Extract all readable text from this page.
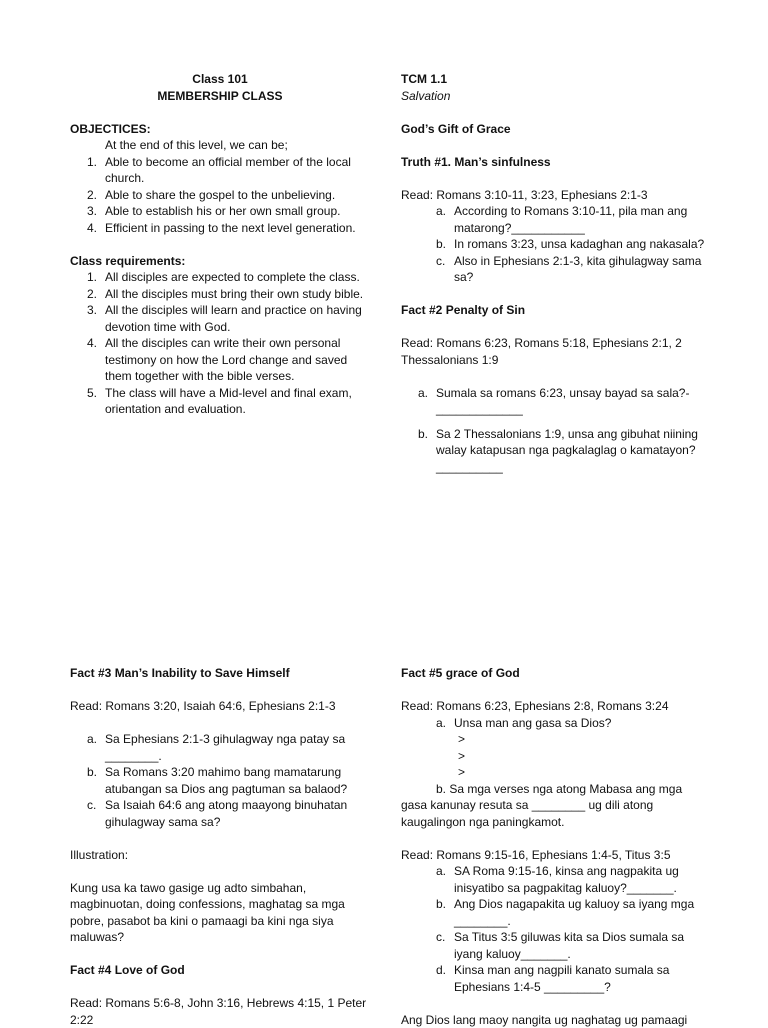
Class 101

MEMBERSHIP CLASS

OBJECTICES:

At the end of this level, we can be;

1. Able to become an official member of the local church.
2. Able to share the gospel to the unbelieving.
3. Able to establish his or her own small group.
4. Efficient in passing to the next level generation.

Class requirements:

1. All disciples are expected to complete the class.
2. All the disciples must bring their own study bible.
3. All the disciples will learn and practice on having devotion time with God.
4. All the disciples can write their own personal testimony on how the Lord change and saved them together with the bible verses.
5. The class will have a Mid-level and final exam, orientation and evaluation.

TCM 1.1

Salvation

God’s Gift of Grace

Truth #1. Man’s sinfulness

Read: Romans 3:10-11, 3:23, Ephesians 2:1-3

a. According to Romans 3:10-11, pila man ang matarong?___________
b. In romans 3:23, unsa kadaghan ang nakasala?
c. Also in Ephesians 2:1-3, kita gihulagway sama sa?

Fact #2 Penalty of Sin

Read: Romans 6:23, Romans 5:18, Ephesians 2:1, 2 Thessalonians 1:9

a. Sumala sa romans 6:23, unsay bayad sa sala?- _____________
b. Sa 2 Thessalonians 1:9, unsa ang gibuhat niining walay katapusan nga pagkalaglag o kamatayon?__________

Fact #3 Man’s Inability to Save Himself

Read: Romans 3:20, Isaiah 64:6, Ephesians 2:1-3

a. Sa Ephesians 2:1-3 gihulagway nga patay sa ________.
b. Sa Romans 3:20 mahimo bang mamatarung atubangan sa Dios ang pagtuman sa balaod?
c. Sa Isaiah 64:6 ang atong maayong binuhatan gihulagway sama sa?

Illustration:

Kung usa ka tawo gasige ug adto simbahan, magbinuotan, doing confessions, maghatag sa mga pobre, pasabot ba kini o pamaagi ba kini nga siya maluwas?

Fact #4 Love of God

Read: Romans 5:6-8, John 3:16, Hebrews 4:15, 1 Peter 2:22

Fact #5 grace of God

Read: Romans 6:23, Ephesians 2:8, Romans 3:24

a. Unsa man ang gasa sa Dios?

>

>

>

b. Sa mga verses nga atong Mabasa ang mga gasa kanunay resuta sa ________ ug dili atong kaugalingon nga paningkamot.

Read: Romans 9:15-16, Ephesians 1:4-5, Titus 3:5

a. SA Roma 9:15-16, kinsa ang nagpakita ug inisyatibo sa pagpakitag kaluoy?_______.
b. Ang Dios nagapakita ug kaluoy sa iyang mga ________.
c. Sa Titus 3:5 giluwas kita sa Dios sumala sa iyang kaluoy_______.
d. Kinsa man ang nagpili kanato sumala sa Ephesians 1:4-5 _________?

Ang Dios lang maoy nangita ug naghatag ug pamaagi
